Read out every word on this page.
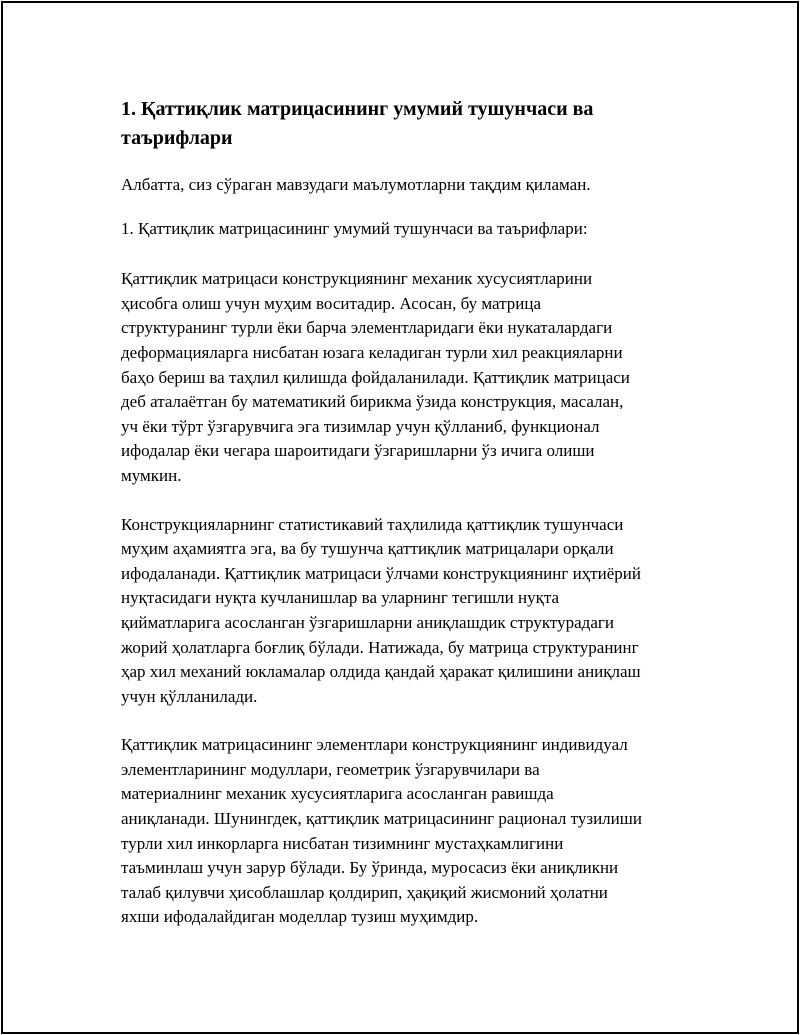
1. Қаттиқлик матрицасининг умумий тушунчаси ва
таърифлари
Албатта, сиз сўраган мавзудаги маълумотларни тақдим қиламан.
1. Қаттиқлик матрицасининг умумий тушунчаси ва таърифлари:
Қаттиқлик матрицаси конструкциянинг механик хусусиятларини
ҳисобга олиш учун муҳим воситадир. Асосан, бу матрица
структуранинг турли ёки барча элементларидаги ёки нукаталардаги
деформацияларга нисбатан юзага келадиган турли хил реакцияларни
баҳо бериш ва таҳлил қилишда фойдаланилади. Қаттиқлик матрицаси
деб аталаётган бу математикий бирикма ўзида конструкция, масалан,
уч ёки тўрт ўзгарувчига эга тизимлар учун қўлланиб, функционал
ифодалар ёки чегара шароитидаги ўзгаришларни ўз ичига олиши
мумкин.
Конструкцияларнинг статистикавий таҳлилида қаттиқлик тушунчаси
муҳим аҳамиятга эга, ва бу тушунча қаттиқлик матрицалари орқали
ифодаланади. Қаттиқлик матрицаси ўлчами конструкциянинг иҳтиёрий
нуқтасидаги нуқта кучланишлар ва уларнинг тегишли нуқта
қийматларига асосланган ўзгаришларни аниқлашдик структурадаги
жорий ҳолатларга боғлиқ бўлади. Натижада, бу матрица структуранинг
ҳар хил механий юкламалар олдида қандай ҳаракат қилишини аниқлаш
учун қўлланилади.
Қаттиқлик матрицасининг элементлари конструкциянинг индивидуал
элементларининг модуллари, геометрик ўзгарувчилари ва
материалнинг механик хусусиятларига асосланган равишда
аниқланади. Шунингдек, қаттиқлик матрицасининг рационал тузилиши
турли хил инкорларга нисбатан тизимнинг мустаҳкамлигини
таъминлаш учун зарур бўлади. Бу ўринда, муросасиз ёки аниқликни
талаб қилувчи ҳисоблашлар қолдирип, ҳақиқий жисмоний ҳолатни
яхши ифодалайдиган моделлар тузиш муҳимдир.
